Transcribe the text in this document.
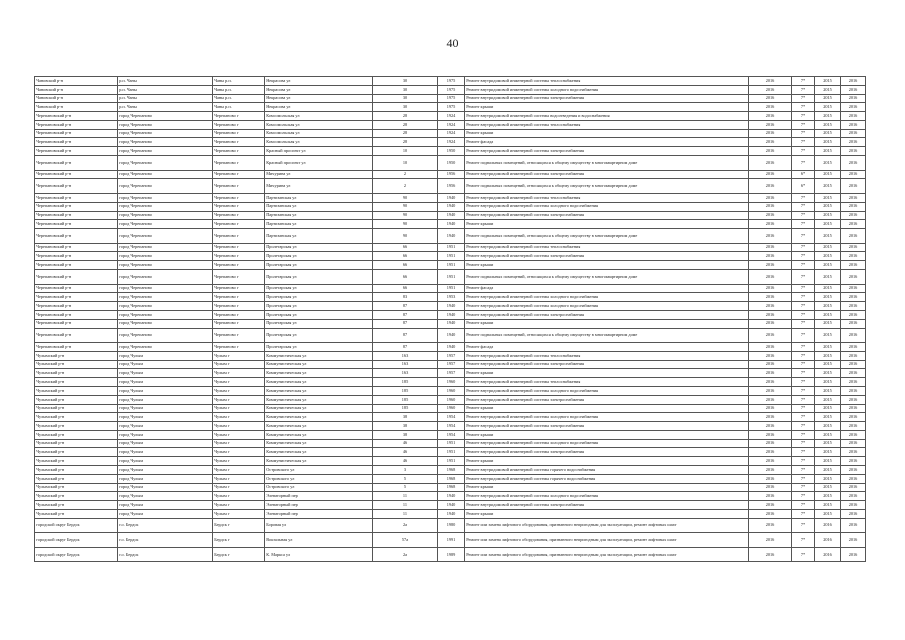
40
Чановский р-н	р.п. Чаны	Чаны р.п.	Некрасова ул	30	1975	Ремонт внутридомовой инженерной системы теплоснабжения	2016	7*	2015	2016
Чановский р-н	р.п. Чаны	Чаны р.п.	Некрасова ул	30	1975	Ремонт внутридомовой инженерной системы холодного водоснабжения	2016	7*	2015	2016
Чановский р-н	р.п. Чаны	Чаны р.п.	Некрасова ул	30	1975	Ремонт внутридомовой инженерной системы электроснабжения	2016	7*	2015	2016
Чановский р-н	р.п. Чаны	Чаны р.п.	Некрасова ул	30	1975	Ремонт крыши	2016	7*	2015	2016
Черепановский р-н	город Черепаново	Черепаново г	Комсомольская ул	28	1924	Ремонт внутридомовой инженерной системы водоотведения и водоснабжения	2016	7*	2015	2016
Черепановский р-н	город Черепаново	Черепаново г	Комсомольская ул	28	1924	Ремонт внутридомовой инженерной системы теплоснабжения	2016	7*	2015	2016
Черепановский р-н	город Черепаново	Черепаново г	Комсомольская ул	28	1924	Ремонт крыши	2016	7*	2015	2016
Черепановский р-н	город Черепаново	Черепаново г	Комсомольская ул	28	1924	Ремонт фасада	2016	7*	2015	2016
Черепановский р-н	город Черепаново	Черепаново г	Красный проспект ул	10	1950	Ремонт внутридомовой инженерной системы электроснабжения	2016	7*	2015	2016
Черепановский р-н	город Черепаново	Черепаново г	Красный проспект ул	10	1950	Ремонт подвальных помещений, относящихся к общему имуществу в многоквартирном доме	2016	7*	2015	2016
Черепановский р-н	город Черепаново	Черепаново г	Мичурина ул	2	1956	Ремонт внутридомовой инженерной системы электроснабжения	2016	6*	2015	2016
Черепановский р-н	город Черепаново	Черепаново г	Мичурина ул	2	1956	Ремонт подвальных помещений, относящихся к общему имуществу в многоквартирном доме	2016	6*	2015	2016
Черепановский р-н	город Черепаново	Черепаново г	Партизанская ул	90	1940	Ремонт внутридомовой инженерной системы теплоснабжения	2016	7*	2015	2016
Черепановский р-н	город Черепаново	Черепаново г	Партизанская ул	90	1940	Ремонт внутридомовой инженерной системы холодного водоснабжения	2016	7*	2015	2016
Черепановский р-н	город Черепаново	Черепаново г	Партизанская ул	90	1940	Ремонт внутридомовой инженерной системы электроснабжения	2016	7*	2015	2016
Черепановский р-н	город Черепаново	Черепаново г	Партизанская ул	90	1940	Ремонт крыши	2016	7*	2015	2016
Черепановский р-н	город Черепаново	Черепаново г	Партизанская ул	90	1940	Ремонт подвальных помещений, относящихся к общему имуществу в многоквартирном доме	2016	7*	2015	2016
Черепановский р-н	город Черепаново	Черепаново г	Пролетарская ул	66	1951	Ремонт внутридомовой инженерной системы теплоснабжения	2016	7*	2015	2016
Черепановский р-н	город Черепаново	Черепаново г	Пролетарская ул	66	1951	Ремонт внутридомовой инженерной системы электроснабжения	2016	7*	2015	2016
Черепановский р-н	город Черепаново	Черепаново г	Пролетарская ул	66	1951	Ремонт крыши	2016	7*	2015	2016
Черепановский р-н	город Черепаново	Черепаново г	Пролетарская ул	66	1951	Ремонт подвальных помещений, относящихся к общему имуществу в многоквартирном доме	2016	7*	2015	2016
Черепановский р-н	город Черепаново	Черепаново г	Пролетарская ул	66	1951	Ремонт фасада	2016	7*	2015	2016
Черепановский р-н	город Черепаново	Черепаново г	Пролетарская ул	83	1953	Ремонт внутридомовой инженерной системы холодного водоснабжения	2016	7*	2015	2016
Черепановский р-н	город Черепаново	Черепаново г	Пролетарская ул	87	1940	Ремонт внутридомовой инженерной системы холодного водоснабжения	2016	7*	2015	2016
Черепановский р-н	город Черепаново	Черепаново г	Пролетарская ул	87	1940	Ремонт внутридомовой инженерной системы электроснабжения	2016	7*	2015	2016
Черепановский р-н	город Черепаново	Черепаново г	Пролетарская ул	87	1940	Ремонт крыши	2016	7*	2015	2016
Черепановский р-н	город Черепаново	Черепаново г	Пролетарская ул	87	1940	Ремонт подвальных помещений, относящихся к общему имуществу в многоквартирном доме	2016	7*	2015	2016
Черепановский р-н	город Черепаново	Черепаново г	Пролетарская ул	87	1940	Ремонт фасада	2016	7*	2015	2016
Чулымский р-н	город Чулым	Чулым г	Коммунистическая ул	163	1957	Ремонт внутридомовой инженерной системы теплоснабжения	2016	7*	2015	2016
Чулымский р-н	город Чулым	Чулым г	Коммунистическая ул	163	1957	Ремонт внутридомовой инженерной системы электроснабжения	2016	7*	2015	2016
Чулымский р-н	город Чулым	Чулым г	Коммунистическая ул	163	1957	Ремонт крыши	2016	7*	2015	2016
Чулымский р-н	город Чулым	Чулым г	Коммунистическая ул	185	1960	Ремонт внутридомовой инженерной системы теплоснабжения	2016	7*	2015	2016
Чулымский р-н	город Чулым	Чулым г	Коммунистическая ул	185	1960	Ремонт внутридомовой инженерной системы холодного водоснабжения	2016	7*	2015	2016
Чулымский р-н	город Чулым	Чулым г	Коммунистическая ул	185	1960	Ремонт внутридомовой инженерной системы электроснабжения	2016	7*	2015	2016
Чулымский р-н	город Чулым	Чулым г	Коммунистическая ул	185	1960	Ремонт крыши	2016	7*	2015	2016
Чулымский р-н	город Чулым	Чулым г	Коммунистическая ул	38	1954	Ремонт внутридомовой инженерной системы холодного водоснабжения	2016	7*	2015	2016
Чулымский р-н	город Чулым	Чулым г	Коммунистическая ул	38	1954	Ремонт внутридомовой инженерной системы электроснабжения	2016	7*	2015	2016
Чулымский р-н	город Чулым	Чулым г	Коммунистическая ул	38	1954	Ремонт крыши	2016	7*	2015	2016
Чулымский р-н	город Чулым	Чулым г	Коммунистическая ул	46	1951	Ремонт внутридомовой инженерной системы холодного водоснабжения	2016	7*	2015	2016
Чулымский р-н	город Чулым	Чулым г	Коммунистическая ул	46	1951	Ремонт внутридомовой инженерной системы электроснабжения	2016	7*	2015	2016
Чулымский р-н	город Чулым	Чулым г	Коммунистическая ул	46	1951	Ремонт крыши	2016	7*	2015	2016
Чулымский р-н	город Чулым	Чулым г	Островского ул	3	1968	Ремонт внутридомовой инженерной системы горячего водоснабжения	2016	7*	2015	2016
Чулымский р-н	город Чулым	Чулым г	Островского ул	5	1968	Ремонт внутридомовой инженерной системы горячего водоснабжения	2016	7*	2015	2016
Чулымский р-н	город Чулым	Чулым г	Островского ул	5	1968	Ремонт крыши	2016	7*	2015	2016
Чулымский р-н	город Чулым	Чулым г	Элеваторный пер	11	1940	Ремонт внутридомовой инженерной системы холодного водоснабжения	2016	7*	2015	2016
Чулымский р-н	город Чулым	Чулым г	Элеваторный пер	11	1940	Ремонт внутридомовой инженерной системы электроснабжения	2016	7*	2015	2016
Чулымский р-н	город Чулым	Чулым г	Элеваторный пер	11	1940	Ремонт крыши	2016	7*	2015	2016
городской округ Бердск	г.о. Бердск	Бердск г	Боровая ул	2а	1980	Ремонт или замена лифтового оборудования, признанного непригодным для эксплуатации, ремонт лифтовых шахт	2016	7*	2016	2016
городской округ Бердск	г.о. Бердск	Бердск г	Вокзальная ул	57а	1991	Ремонт или замена лифтового оборудования, признанного непригодным для эксплуатации, ремонт лифтовых шахт	2016	7*	2016	2016
городской округ Бердск	г.о. Бердск	Бердск г	К. Маркса ул	2а	1989	Ремонт или замена лифтового оборудования, признанного непригодным для эксплуатации, ремонт лифтовых шахт	2016	7*	2016	2016
